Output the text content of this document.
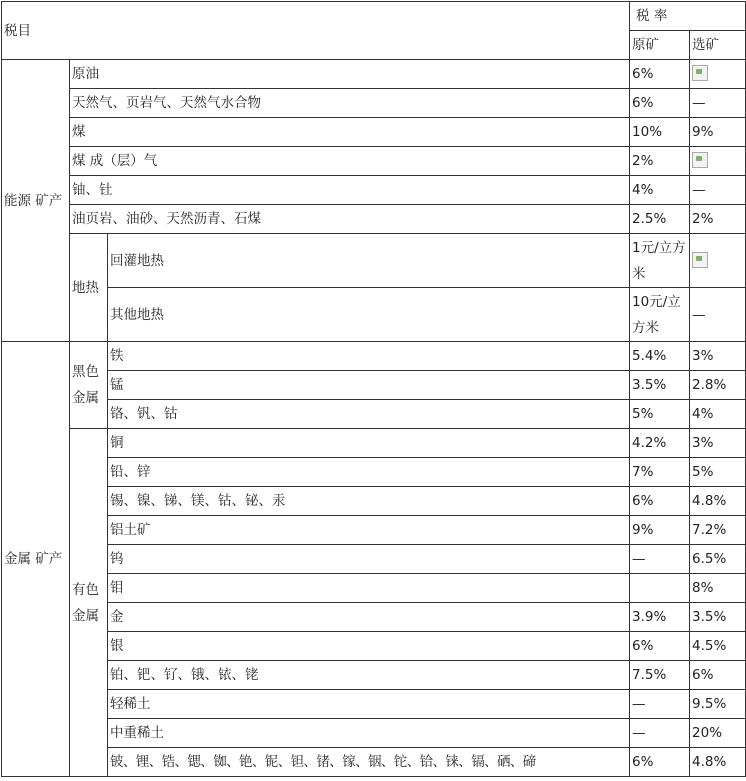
税目			税 率	
			原矿	选矿
能源 矿产	原油		6%	
	天然气、页岩气、天然气水合物		6%	—
	煤		10%	9%
	煤 成（层）气		2%	
	铀、钍		4%	—
	油页岩、油砂、天然沥青、石煤		2.5%	2%
	地热	回灌地热	1元/立方米	
		其他地热	10元/立方米	—
金属 矿产	黑色金属	铁	5.4%	3%
		锰	3.5%	2.8%
		铬、钒、钴	5%	4%
	有色金属	铜	4.2%	3%
		铅、锌	7%	5%
		锡、镍、锑、镁、钴、铋、汞	6%	4.8%
		铝土矿	9%	7.2%
		钨	—	6.5%
		钼		8%
		金	3.9%	3.5%
		银	6%	4.5%
		铂、钯、钌、锇、铱、铑	7.5%	6%
		轻稀土	—	9.5%
		中重稀土	—	20%
		铍、锂、锆、锶、铷、铯、铌、钽、锗、镓、铟、铊、铪、铼、镉、硒、碲	6%	4.8%
